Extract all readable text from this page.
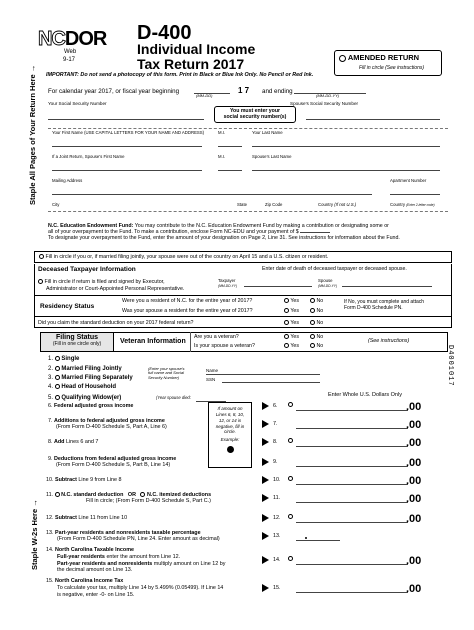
NCDOR
Web
9-17
D-400
Individual Income
Tax Return 2017	AMENDED RETURN
Fill in circle (See instructions)
IMPORTANT: Do not send a photocopy of this form. Print in Black or Blue Ink Only. No Pencil or Red Ink.
Staple All Pages of Your Return Here →
Staple W-2s Here →
D4001017
For calendar year 2017, or fiscal year beginning
(MM-DD)
1 7 and ending
(MM-DD-YY)
Your Social Security Number
You must enter your
social security number(s)
Spouse's Social Security Number
Your First Name (USE CAPITAL LETTERS FOR YOUR NAME AND ADDRESS)	M.I.	Your Last Name
If a Joint Return, Spouse's First Name	M.I.	Spouse's Last Name
Mailing Address	Apartment Number
City	State	Zip Code	Country (If not U.S.)	Country (Enter 2-letter code)
N.C. Education Endowment Fund: You may contribute to the N.C. Education Endowment Fund by making a contribution or designating some or
all of your overpayment to the Fund. To make a contribution, enclose Form NC-EDU and your payment of $
To designate your overpayment to the Fund, enter the amount of your designation on Page 2, Line 31. See instructions for information about the Fund.
Fill in circle if you or, if married filing jointly, your spouse were out of the country on April 15 and a U.S. citizen or resident.
Deceased Taxpayer Information	Enter date of death of deceased taxpayer or deceased spouse.
Fill in circle if return is filed and signed by Executor,
Administrator or Court-Appointed Personal Representative.
Taxpayer
(MM-DD-YY)
Spouse
(MM-DD-YY)
Residency Status
Were you a resident of N.C. for the entire year of 2017?
Was your spouse a resident for the entire year of 2017?
Yes	No
Yes	No
If No, you must complete and attach
Form D-400 Schedule PN.
Did you claim the standard deduction on your 2017 federal return?	Yes	No
Filing Status
(Fill in one circle only)	Veteran Information
Are you a veteran?
Is your spouse a veteran?
Yes	No
Yes	No
(See instructions)
1. Single
2. Married Filing Jointly
3. Married Filing Separately
4. Head of Household
5. Qualifying Widow(er)
(Enter your spouse's
full name and Social
Security Number)
Name
SSN
(Year spouse died:	Enter Whole U.S. Dollars Only
If amount on
Lines 6, 8, 10,
12, or 14 is
negative, fill in
circle.
Example:
6. Federal adjusted gross income	6.	.00
7. Additions to federal adjusted gross income
(From Form D-400 Schedule S, Part A, Line 6)
7.	.00
8. Add Lines 6 and 7	8.	.00
9. Deductions from federal adjusted gross income
(From Form D-400 Schedule S, Part B, Line 14)
9.	.00
10. Subtract Line 9 from Line 8	10.	.00
11. N.C. standard deduction OR N.C. itemized deductions
Fill in circle; (From Form D-400 Schedule S, Part C.)
11.	.00
12. Subtract Line 11 from Line 10	12.	.00
13. Part-year residents and nonresidents taxable percentage
(From Form D-400 Schedule PN, Line 24. Enter amount as decimal)
13.
14. North Carolina Taxable Income
Full-year residents enter the amount from Line 12.
Part-year residents and nonresidents multiply amount on Line 12 by
the decimal amount on Line 13.
14.	.00
15. North Carolina Income Tax
To calculate your tax, multiply Line 14 by 5.499% (0.05499). If Line 14
is negative, enter -0- on Line 15.
15.	.00
